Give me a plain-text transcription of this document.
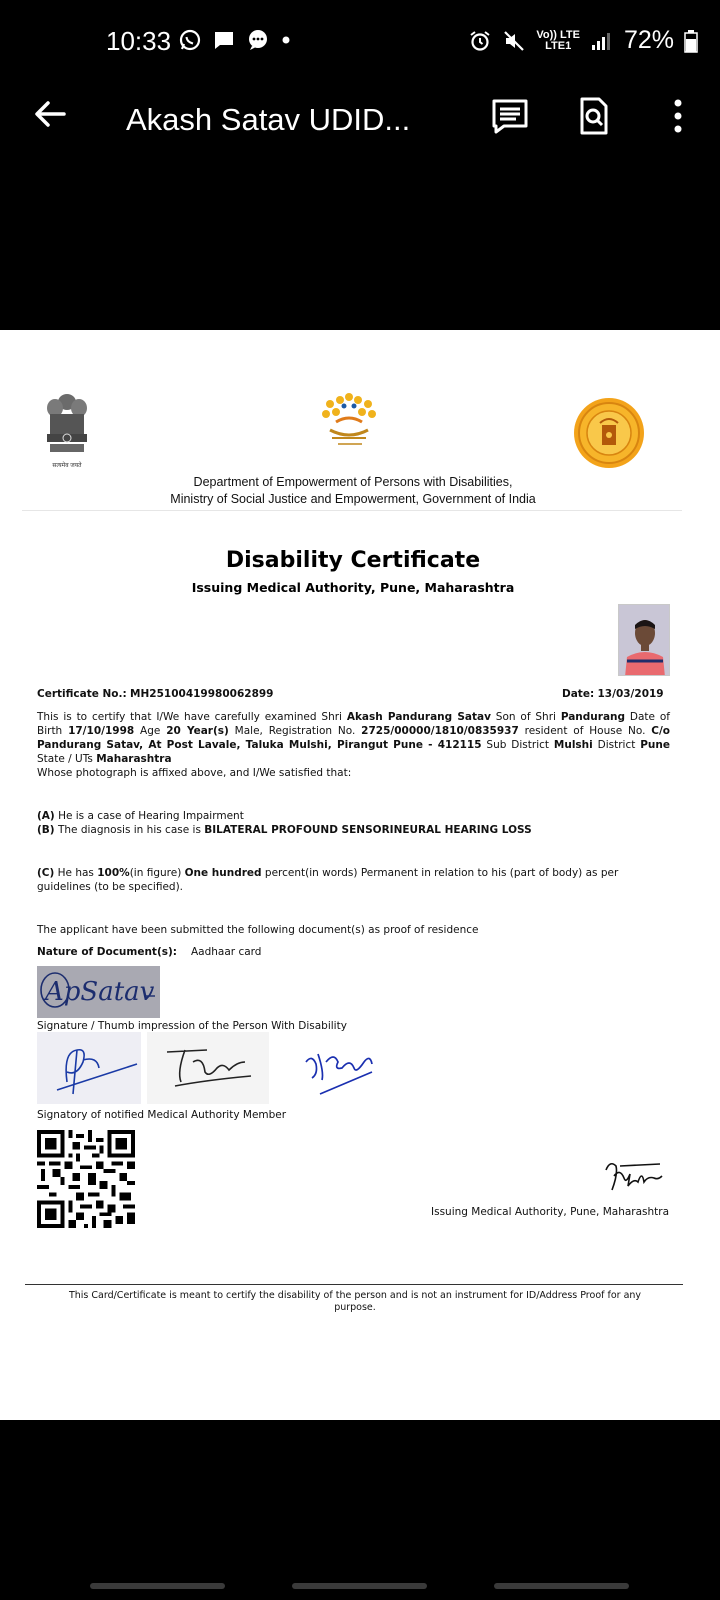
10:33	Vo)) LTE
LTE1	72%
Akash Satav UDID...
सत्यमेव जयते
Department of Empowerment of Persons with Disabilities,
Ministry of Social Justice and Empowerment, Government of India
Disability Certificate
Issuing Medical Authority, Pune, Maharashtra
Certificate No.: MH25100419980062899	Date: 13/03/2019
This is to certify that I/We have carefully examined Shri Akash Pandurang Satav Son of Shri Pandurang Date of Birth 17/10/1998 Age 20 Year(s) Male, Registration No. 2725/00000/1810/0835937 resident of House No. C/o Pandurang Satav, At Post Lavale, Taluka Mulshi, Pirangut Pune - 412115 Sub District Mulshi District Pune State / UTs Maharashtra
Whose photograph is affixed above, and I/We satisfied that:
(A) He is a case of Hearing Impairment
(B) The diagnosis in his case is BILATERAL PROFOUND SENSORINEURAL HEARING LOSS
(C) He has 100%(in figure) One hundred percent(in words) Permanent in relation to his (part of body) as per guidelines (to be specified).
The applicant have been submitted the following document(s) as proof of residence
Nature of Document(s): Aadhaar card
ApSatav
Signature / Thumb impression of the Person With Disability
Signatory of notified Medical Authority Member
Issuing Medical Authority, Pune, Maharashtra
This Card/Certificate is meant to certify the disability of the person and is not an instrument for ID/Address Proof for any purpose.
